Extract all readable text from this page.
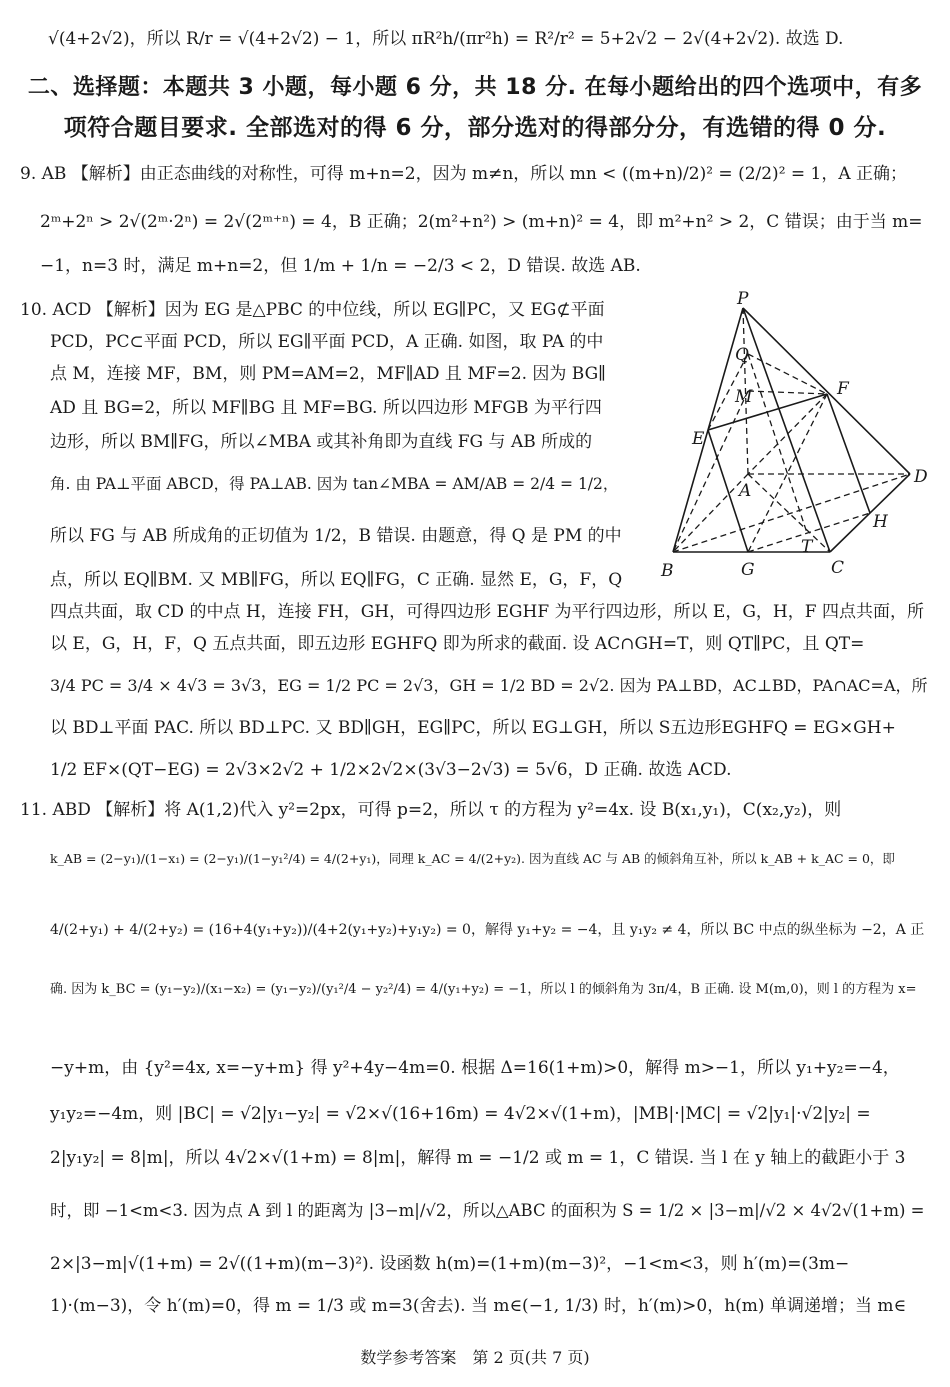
√(4+2√2)，所以 R/r = √(4+2√2) − 1，所以 πR²h/(πr²h) = R²/r² = 5+2√2 − 2√(4+2√2). 故选 D.
二、选择题：本题共 3 小题，每小题 6 分，共 18 分. 在每小题给出的四个选项中，有多
项符合题目要求. 全部选对的得 6 分，部分选对的得部分分，有选错的得 0 分.
9. AB 【解析】由正态曲线的对称性，可得 m+n=2，因为 m≠n，所以 mn < ((m+n)/2)² = (2/2)² = 1，A 正确；
2ᵐ+2ⁿ > 2√(2ᵐ·2ⁿ) = 2√(2ᵐ⁺ⁿ) = 4，B 正确；2(m²+n²) > (m+n)² = 4，即 m²+n² > 2，C 错误；由于当 m=
−1，n=3 时，满足 m+n=2，但 1/m + 1/n = −2/3 < 2，D 错误. 故选 AB.
10. ACD 【解析】因为 EG 是△PBC 的中位线，所以 EG∥PC，又 EG⊄平面
PCD，PC⊂平面 PCD，所以 EG∥平面 PCD，A 正确. 如图，取 PA 的中
点 M，连接 MF，BM，则 PM=AM=2，MF∥AD 且 MF=2. 因为 BG∥
AD 且 BG=2，所以 MF∥BG 且 MF=BG. 所以四边形 MFGB 为平行四
边形，所以 BM∥FG，所以∠MBA 或其补角即为直线 FG 与 AB 所成的
角. 由 PA⊥平面 ABCD，得 PA⊥AB. 因为 tan∠MBA = AM/AB = 2/4 = 1/2，
所以 FG 与 AB 所成角的正切值为 1/2，B 错误. 由题意，得 Q 是 PM 的中
点，所以 EQ∥BM. 又 MB∥FG，所以 EQ∥FG，C 正确. 显然 E，G，F，Q
四点共面，取 CD 的中点 H，连接 FH，GH，可得四边形 EGHF 为平行四边形，所以 E，G，H，F 四点共面，所
以 E，G，H，F，Q 五点共面，即五边形 EGHFQ 即为所求的截面. 设 AC∩GH=T，则 QT∥PC，且 QT=
3/4 PC = 3/4 × 4√3 = 3√3，EG = 1/2 PC = 2√3，GH = 1/2 BD = 2√2. 因为 PA⊥BD，AC⊥BD，PA∩AC=A，所
以 BD⊥平面 PAC. 所以 BD⊥PC. 又 BD∥GH，EG∥PC，所以 EG⊥GH，所以 S五边形EGHFQ = EG×GH+
1/2 EF×(QT−EG) = 2√3×2√2 + 1/2×2√2×(3√3−2√3) = 5√6，D 正确. 故选 ACD.
11. ABD 【解析】将 A(1,2)代入 y²=2px，可得 p=2，所以 τ 的方程为 y²=4x. 设 B(x₁,y₁)，C(x₂,y₂)，则
k_AB = (2−y₁)/(1−x₁) = (2−y₁)/(1−y₁²/4) = 4/(2+y₁)，同理 k_AC = 4/(2+y₂). 因为直线 AC 与 AB 的倾斜角互补，所以 k_AB + k_AC = 0，即
4/(2+y₁) + 4/(2+y₂) = (16+4(y₁+y₂))/(4+2(y₁+y₂)+y₁y₂) = 0，解得 y₁+y₂ = −4，且 y₁y₂ ≠ 4，所以 BC 中点的纵坐标为 −2，A 正
确. 因为 k_BC = (y₁−y₂)/(x₁−x₂) = (y₁−y₂)/(y₁²/4 − y₂²/4) = 4/(y₁+y₂) = −1，所以 l 的倾斜角为 3π/4，B 正确. 设 M(m,0)，则 l 的方程为 x=
−y+m，由 {y²=4x, x=−y+m} 得 y²+4y−4m=0. 根据 Δ=16(1+m)>0，解得 m>−1，所以 y₁+y₂=−4，
y₁y₂=−4m，则 |BC| = √2|y₁−y₂| = √2×√(16+16m) = 4√2×√(1+m)，|MB|·|MC| = √2|y₁|·√2|y₂| =
2|y₁y₂| = 8|m|，所以 4√2×√(1+m) = 8|m|，解得 m = −1/2 或 m = 1，C 错误. 当 l 在 y 轴上的截距小于 3
时，即 −1<m<3. 因为点 A 到 l 的距离为 |3−m|/√2，所以△ABC 的面积为 S = 1/2 × |3−m|/√2 × 4√2√(1+m) =
2×|3−m|√(1+m) = 2√((1+m)(m−3)²). 设函数 h(m)=(1+m)(m−3)²，−1<m<3，则 h′(m)=(3m−
1)·(m−3)，令 h′(m)=0，得 m = 1/3 或 m=3(舍去). 当 m∈(−1, 1/3) 时，h′(m)>0，h(m) 单调递增；当 m∈
P
Q
M	F
E
D
A
H
T
B	G	C
数学参考答案　第 2 页(共 7 页)
